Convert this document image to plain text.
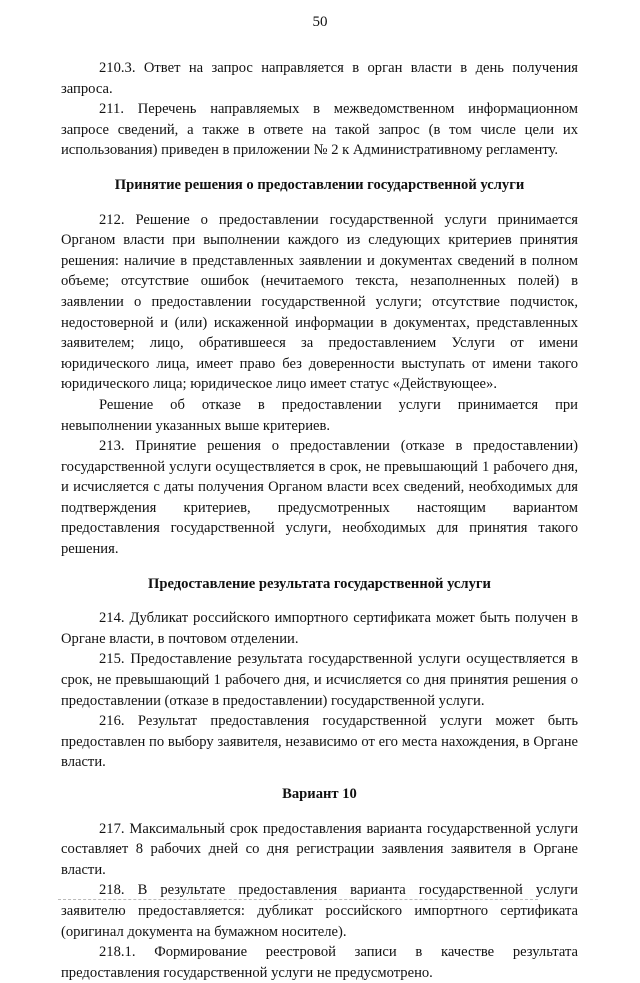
50

210.3. Ответ на запрос направляется в орган власти в день получения запроса.

211. Перечень направляемых в межведомственном информационном запросе сведений, а также в ответе на такой запрос (в том числе цели их использования) приведен в приложении № 2 к Административному регламенту.

Принятие решения о предоставлении государственной услуги

212. Решение о предоставлении государственной услуги принимается Органом власти при выполнении каждого из следующих критериев принятия решения: наличие в представленных заявлении и документах сведений в полном объеме; отсутствие ошибок (нечитаемого текста, незаполненных полей) в заявлении о предоставлении государственной услуги; отсутствие подчисток, недостоверной и (или) искаженной информации в документах, представленных заявителем; лицо, обратившееся за предоставлением Услуги от имени юридического лица, имеет право без доверенности выступать от имени такого юридического лица; юридическое лицо имеет статус «Действующее».

Решение об отказе в предоставлении услуги принимается при невыполнении указанных выше критериев.

213. Принятие решения о предоставлении (отказе в предоставлении) государственной услуги осуществляется в срок, не превышающий 1 рабочего дня, и исчисляется с даты получения Органом власти всех сведений, необходимых для подтверждения критериев, предусмотренных настоящим вариантом предоставления государственной услуги, необходимых для принятия такого решения.

Предоставление результата государственной услуги

214. Дубликат российского импортного сертификата может быть получен в Органе власти, в почтовом отделении.

215. Предоставление результата государственной услуги осуществляется в срок, не превышающий 1 рабочего дня, и исчисляется со дня принятия решения о предоставлении (отказе в предоставлении) государственной услуги.

216. Результат предоставления государственной услуги может быть предоставлен по выбору заявителя, независимо от его места нахождения, в Органе власти.

Вариант 10

217. Максимальный срок предоставления варианта государственной услуги составляет 8 рабочих дней со дня регистрации заявления заявителя в Органе власти.

218. В результате предоставления варианта государственной услуги заявителю предоставляется: дубликат российского импортного сертификата (оригинал документа на бумажном носителе).

218.1. Формирование реестровой записи в качестве результата предоставления государственной услуги не предусмотрено.
